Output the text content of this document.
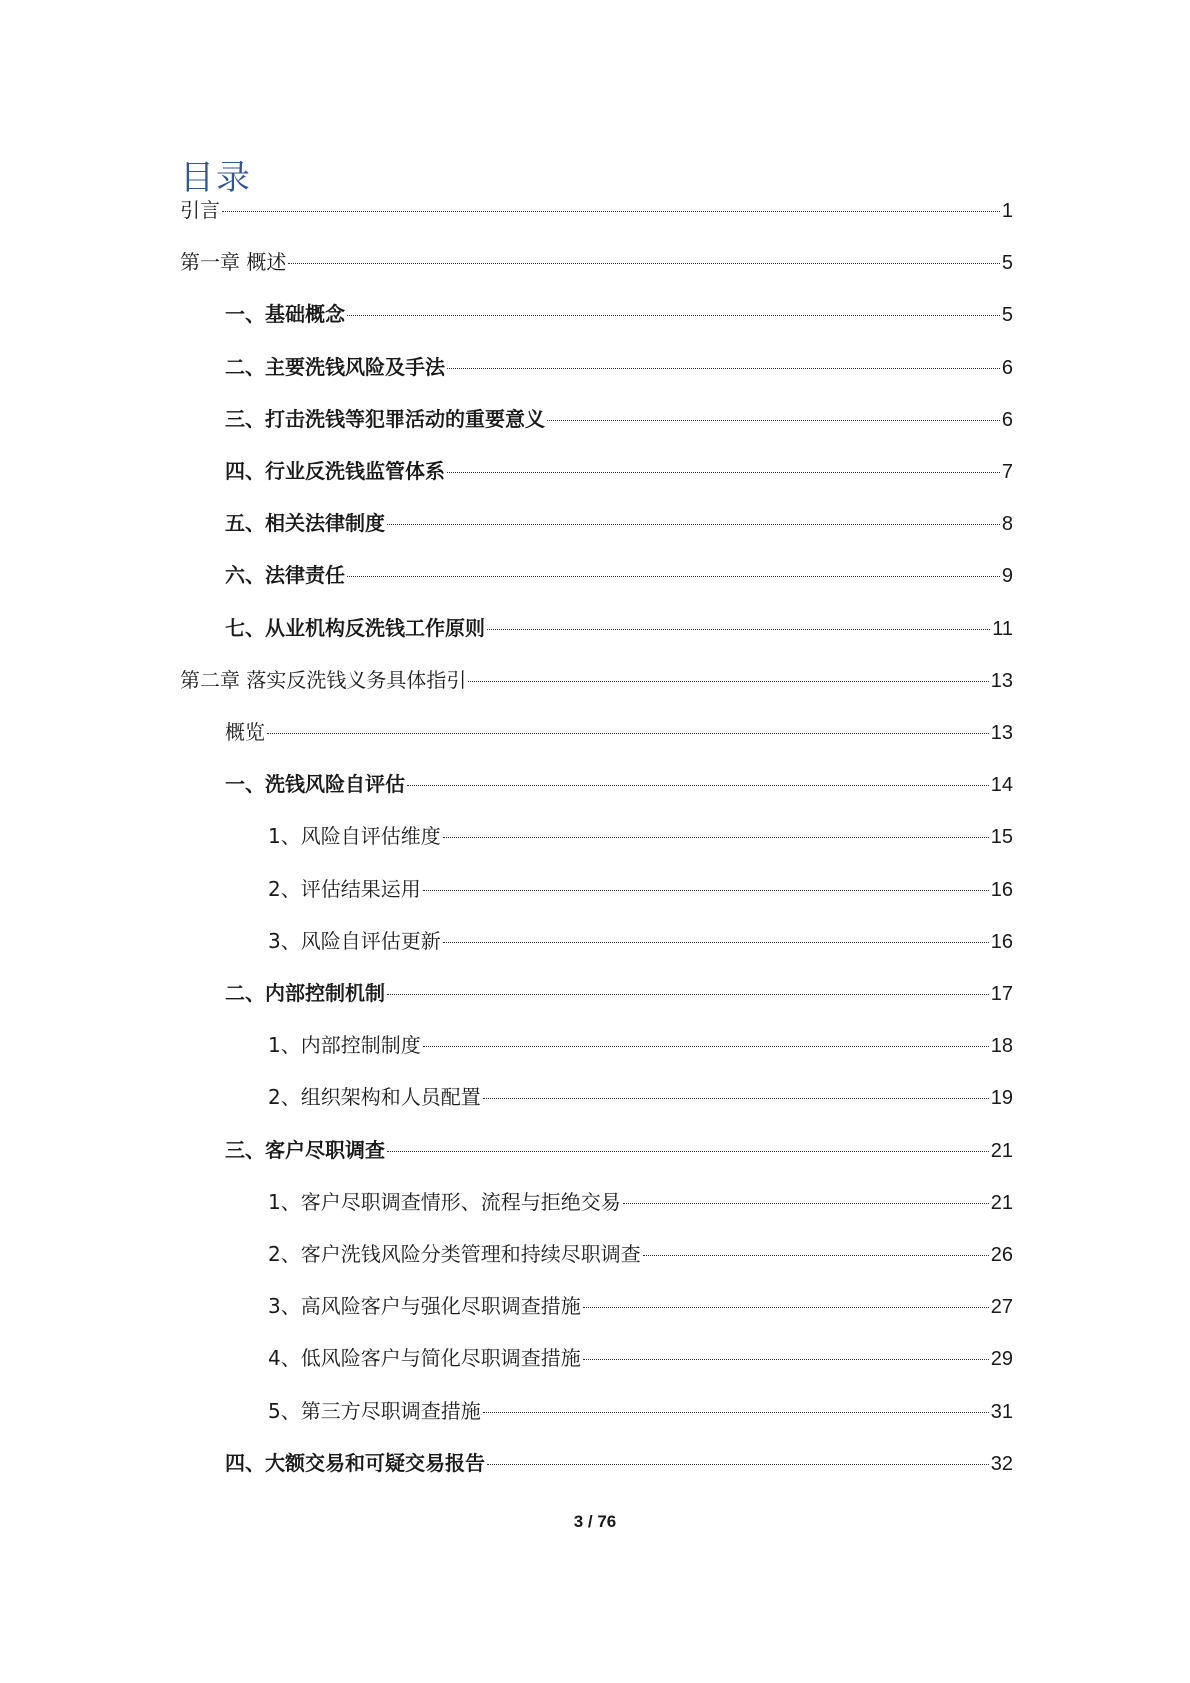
目录
引言	1
第一章 概述	5
一、基础概念	5
二、主要洗钱风险及手法	6
三、打击洗钱等犯罪活动的重要意义	6
四、行业反洗钱监管体系	7
五、相关法律制度	8
六、法律责任	9
七、从业机构反洗钱工作原则	11
第二章 落实反洗钱义务具体指引	13
概览	13
一、洗钱风险自评估	14
1、风险自评估维度	15
2、评估结果运用	16
3、风险自评估更新	16
二、内部控制机制	17
1、内部控制制度	18
2、组织架构和人员配置	19
三、客户尽职调查	21
1、客户尽职调查情形、流程与拒绝交易	21
2、客户洗钱风险分类管理和持续尽职调查	26
3、高风险客户与强化尽职调查措施	27
4、低风险客户与简化尽职调查措施	29
5、第三方尽职调查措施	31
四、大额交易和可疑交易报告	32
3 / 76
